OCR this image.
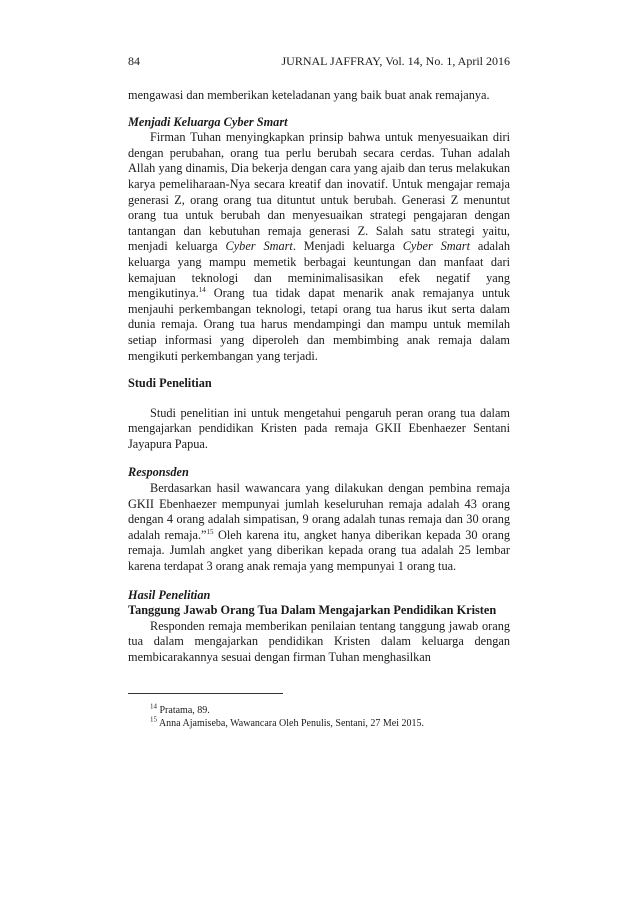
84	JURNAL JAFFRAY, Vol. 14, No. 1, April 2016

mengawasi dan memberikan keteladanan yang baik buat anak remajanya.

Menjadi Keluarga Cyber Smart

Firman Tuhan menyingkapkan prinsip bahwa untuk menyesuaikan diri dengan perubahan, orang tua perlu berubah secara cerdas. Tuhan adalah Allah yang dinamis, Dia bekerja dengan cara yang ajaib dan terus melakukan karya pemeliharaan-Nya secara kreatif dan inovatif. Untuk mengajar remaja generasi Z, orang orang tua dituntut untuk berubah. Generasi Z menuntut orang tua untuk berubah dan menyesuaikan strategi pengajaran dengan tantangan dan kebutuhan remaja generasi Z. Salah satu strategi yaitu, menjadi keluarga Cyber Smart. Menjadi keluarga Cyber Smart adalah keluarga yang mampu memetik berbagai keuntungan dan manfaat dari kemajuan teknologi dan meminimalisasikan efek negatif yang mengikutinya.$^{14}$ Orang tua tidak dapat menarik anak remajanya untuk menjauhi perkembangan teknologi, tetapi orang tua harus ikut serta dalam dunia remaja. Orang tua harus mendampingi dan mampu untuk memilah setiap informasi yang diperoleh dan membimbing anak remaja dalam mengikuti perkembangan yang terjadi.

Studi Penelitian

Studi penelitian ini untuk mengetahui pengaruh peran orang tua dalam mengajarkan pendidikan Kristen pada remaja GKII Ebenhaezer Sentani Jayapura Papua.

Responsden

Berdasarkan hasil wawancara yang dilakukan dengan pembina remaja GKII Ebenhaezer mempunyai jumlah keseluruhan remaja adalah 43 orang dengan 4 orang adalah simpatisan, 9 orang adalah tunas remaja dan 30 orang adalah remaja.”$^{15}$ Oleh karena itu, angket hanya diberikan kepada 30 orang remaja. Jumlah angket yang diberikan kepada orang tua adalah 25 lembar karena terdapat 3 orang anak remaja yang mempunyai 1 orang tua.

Hasil Penelitian
Tanggung Jawab Orang Tua Dalam Mengajarkan Pendidikan Kristen

Responden remaja memberikan penilaian tentang tanggung jawab orang tua dalam mengajarkan pendidikan Kristen dalam keluarga dengan membicarakannya sesuai dengan firman Tuhan menghasilkan

$^{14}$ Pratama, 89.
$^{15}$ Anna Ajamiseba, Wawancara Oleh Penulis, Sentani, 27 Mei 2015.
